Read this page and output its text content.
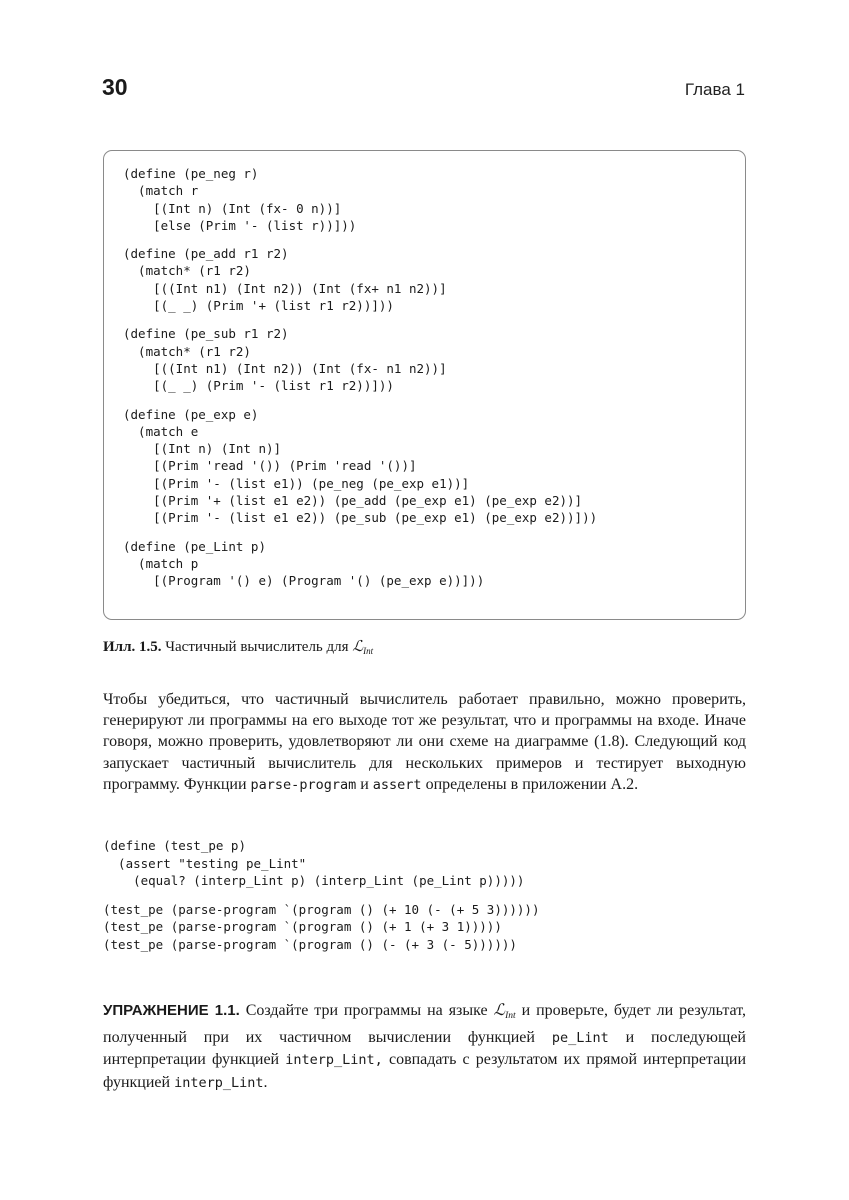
30	Глава 1
(define (pe_neg r)
(match r
[(Int n) (Int (fx- 0 n))]
[else (Prim '- (list r))]))
(define (pe_add r1 r2)
(match* (r1 r2)
[((Int n1) (Int n2)) (Int (fx+ n1 n2))]
[(_ _) (Prim '+ (list r1 r2))]))
(define (pe_sub r1 r2)
(match* (r1 r2)
[((Int n1) (Int n2)) (Int (fx- n1 n2))]
[(_ _) (Prim '- (list r1 r2))]))
(define (pe_exp e)
(match e
[(Int n) (Int n)]
[(Prim 'read '()) (Prim 'read '())]
[(Prim '- (list e1)) (pe_neg (pe_exp e1))]
[(Prim '+ (list e1 e2)) (pe_add (pe_exp e1) (pe_exp e2))]
[(Prim '- (list e1 e2)) (pe_sub (pe_exp e1) (pe_exp e2))]))
(define (pe_Lint p)
(match p
[(Program '() e) (Program '() (pe_exp e))]))
Илл. 1.5. Частичный вычислитель для ℒ$_{Int}$
Чтобы убедиться, что частичный вычислитель работает правильно, можно проверить, генерируют ли программы на его выходе тот же результат, что и программы на входе. Иначе говоря, можно проверить, удовлетворяют ли они схеме на диаграмме (1.8). Следующий код запускает частичный вычислитель для нескольких примеров и тестирует выходную программу. Функции parse-program и assert определены в приложении А.2.
(define (test_pe p)
(assert "testing pe_Lint"
(equal? (interp_Lint p) (interp_Lint (pe_Lint p)))))
(test_pe (parse-program `(program () (+ 10 (- (+ 5 3))))))
(test_pe (parse-program `(program () (+ 1 (+ 3 1)))))
(test_pe (parse-program `(program () (- (+ 3 (- 5))))))
УПРАЖНЕНИЕ 1.1. Создайте три программы на языке ℒInt и проверьте, будет ли результат, полученный при их частичном вычислении функцией pe_Lint и последующей интерпретации функцией interp_Lint, совпадать с результатом их прямой интерпретации функцией interp_Lint.
